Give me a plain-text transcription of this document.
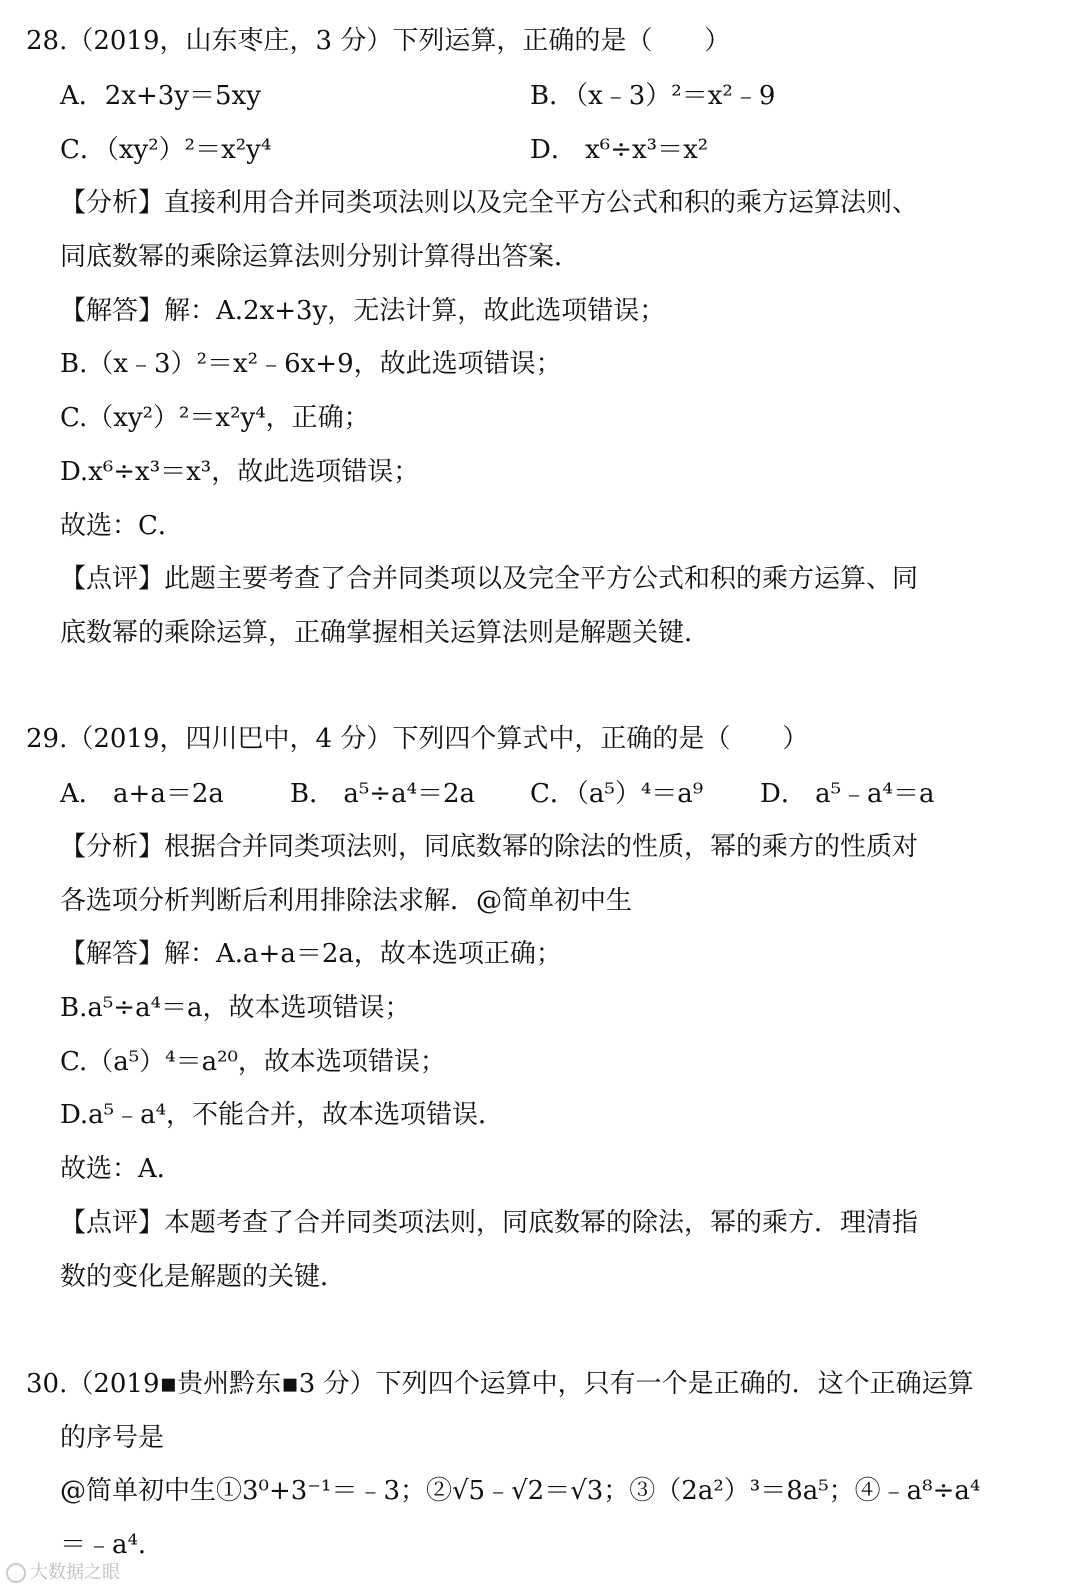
28.（2019，山东枣庄，3 分）下列运算，正确的是（　　）
A．2x+3y＝5xy	B．（x﹣3）²＝x²﹣9
C．（xy²）²＝x²y⁴	D． x⁶÷x³＝x²
【分析】直接利用合并同类项法则以及完全平方公式和积的乘方运算法则、
同底数幂的乘除运算法则分别计算得出答案．
【解答】解：A.2x+3y，无法计算，故此选项错误；
B.（x﹣3）²＝x²﹣6x+9，故此选项错误；
C.（xy²）²＝x²y⁴，正确；
D.x⁶÷x³＝x³，故此选项错误；
故选：C．
【点评】此题主要考查了合并同类项以及完全平方公式和积的乘方运算、同
底数幂的乘除运算，正确掌握相关运算法则是解题关键．
29.（2019，四川巴中，4 分）下列四个算式中，正确的是（　　）
A． a+a＝2a	B． a⁵÷a⁴＝2a C．（a⁵）⁴＝a⁹ D． a⁵﹣a⁴＝a
【分析】根据合并同类项法则，同底数幂的除法的性质，幂的乘方的性质对
各选项分析判断后利用排除法求解．@简单初中生
【解答】解：A.a+a＝2a，故本选项正确；
B.a⁵÷a⁴＝a，故本选项错误；
C.（a⁵）⁴＝a²⁰，故本选项错误；
D.a⁵﹣a⁴，不能合并，故本选项错误．
故选：A．
【点评】本题考查了合并同类项法则，同底数幂的除法，幂的乘方．理清指
数的变化是解题的关键．
30.（2019▪贵州黔东▪3 分）下列四个运算中，只有一个是正确的．这个正确运算
的序号是
@简单初中生①3⁰+3⁻¹＝﹣3；②√5﹣√2＝√3；③（2a²）³＝8a⁵；④﹣a⁸÷a⁴
＝﹣a⁴．
大数据之眼
